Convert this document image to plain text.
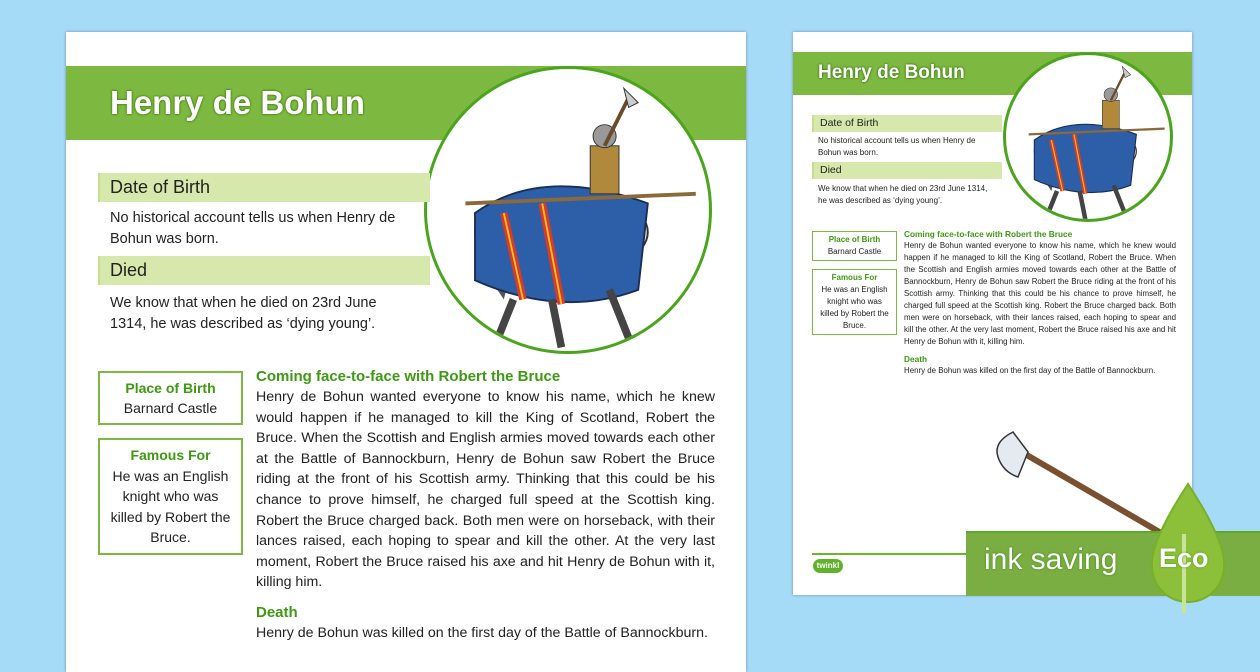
Henry de Bohun
Date of Birth
No historical account tells us when Henry de Bohun was born.
Died
We know that when he died on 23rd June 1314, he was described as ‘dying young’.
Place of Birth
Barnard Castle
Famous For
He was an English knight who was killed by Robert the Bruce.
Coming face-to-face with Robert the Bruce
Henry de Bohun wanted everyone to know his name, which he knew would happen if he managed to kill the King of Scotland, Robert the Bruce. When the Scottish and English armies moved towards each other at the Battle of Bannockburn, Henry de Bohun saw Robert the Bruce riding at the front of his Scottish army. Thinking that this could be his chance to prove himself, he charged full speed at the Scottish king. Robert the Bruce charged back. Both men were on horseback, with their lances raised, each hoping to spear and kill the other. At the very last moment, Robert the Bruce raised his axe and hit Henry de Bohun with it, killing him.
Death
Henry de Bohun was killed on the first day of the Battle of Bannockburn.
Henry de Bohun
Date of Birth
No historical account tells us when Henry de Bohun was born.
Died
We know that when he died on 23rd June 1314, he was described as ‘dying young’.
Place of Birth
Barnard Castle
Famous For
He was an English knight who was killed by Robert the Bruce.
Coming face-to-face with Robert the Bruce
Henry de Bohun wanted everyone to know his name, which he knew would happen if he managed to kill the King of Scotland, Robert the Bruce. When the Scottish and English armies moved towards each other at the Battle of Bannockburn, Henry de Bohun saw Robert the Bruce riding at the front of his Scottish army. Thinking that this could be his chance to prove himself, he charged full speed at the Scottish king. Robert the Bruce charged back. Both men were on horseback, with their lances raised, each hoping to spear and kill the other. At the very last moment, Robert the Bruce raised his axe and hit Henry de Bohun with it, killing him.
Death
Henry de Bohun was killed on the first day of the Battle of Bannockburn.
twinkl	ink saving Eco
